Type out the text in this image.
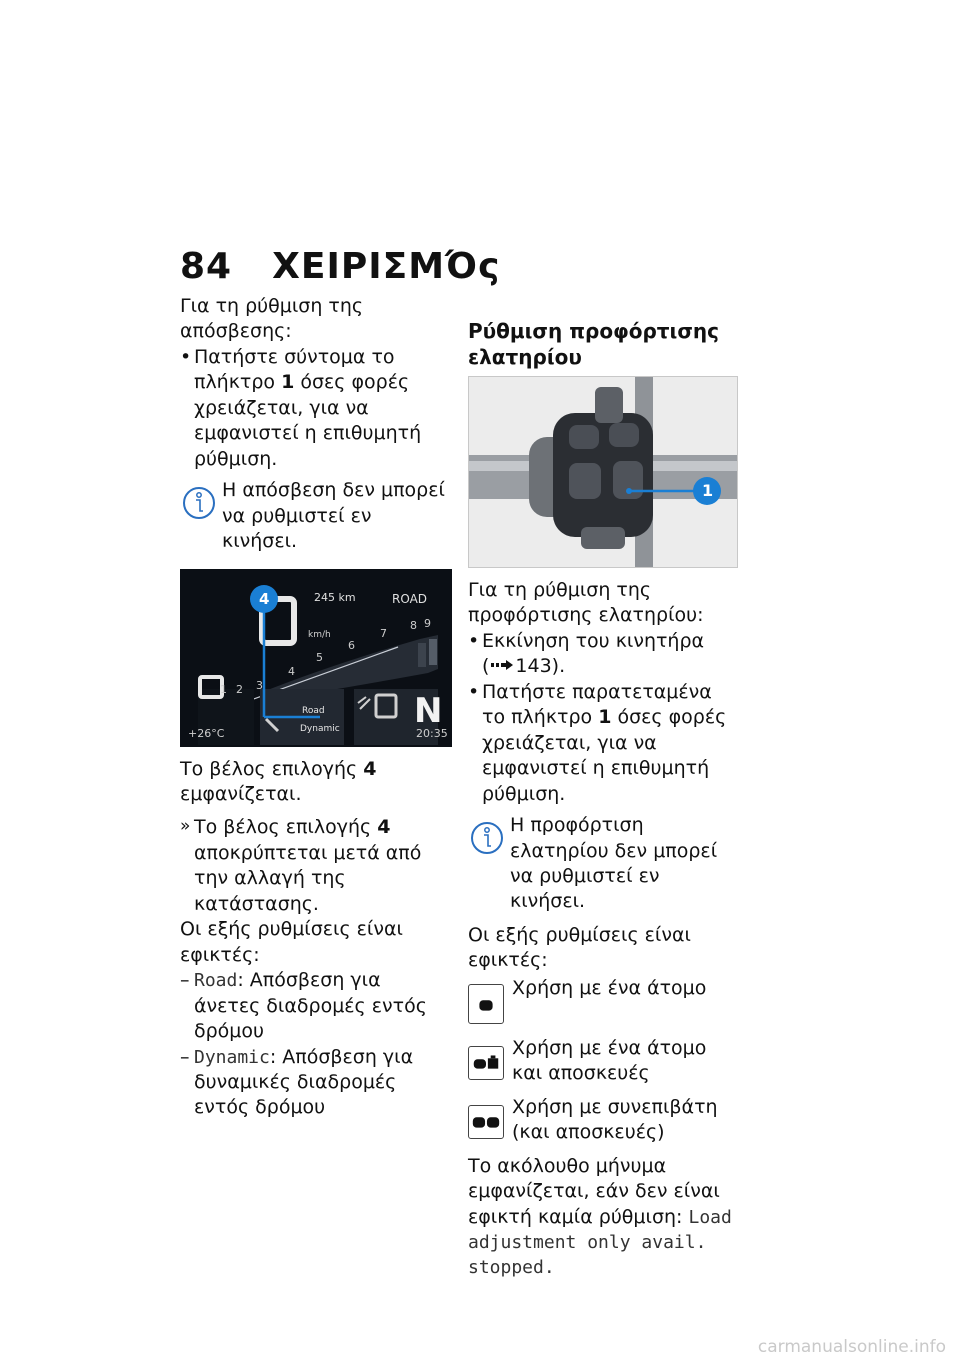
84 ΧΕΙΡΙΣΜΌς

Για τη ρύθμιση της απόσβεσης:

• Πατήστε σύντομα το πλήκτρο 1 όσες φορές χρειάζεται, για να εμφανιστεί η επιθυμητή ρύθμιση.

Η απόσβεση δεν μπορεί να ρυθμιστεί εν κινήσει.

245 km	ROAD
km/h
N
+26°C	20:35
Road
Dynamic
4
1 2 3
4
5
6
7
8 9

Το βέλος επιλογής 4 εμφανίζεται.

» Το βέλος επιλογής 4 αποκρύπτεται μετά από την αλλαγή της κατάστασης.

Οι εξής ρυθμίσεις είναι εφικτές:

– Road: Απόσβεση για άνετες διαδρομές εντός δρόμου

– Dynamic: Απόσβεση για δυναμικές διαδρομές εντός δρόμου

Ρύθμιση προφόρτισης ελατηρίου

1

Για τη ρύθμιση της προφόρτισης ελατηρίου:

• Εκκίνηση του κινητήρα

( 143).

• Πατήστε παρατεταμένα το πλήκτρο 1 όσες φορές χρειάζεται, για να εμφανιστεί η επιθυμητή ρύθμιση.

Η προφόρτιση ελατηρίου δεν μπορεί να ρυθμιστεί εν κινήσει.

Οι εξής ρυθμίσεις είναι εφικτές:

Χρήση με ένα άτομο

Χρήση με ένα άτομο και αποσκευές

Χρήση με συνεπιβάτη (και αποσκευές)

Το ακόλουθο μήνυμα εμφανίζεται, εάν δεν είναι εφικτή καμία ρύθμιση: Load adjustment only avail. stopped.

carmanualsonline.info
